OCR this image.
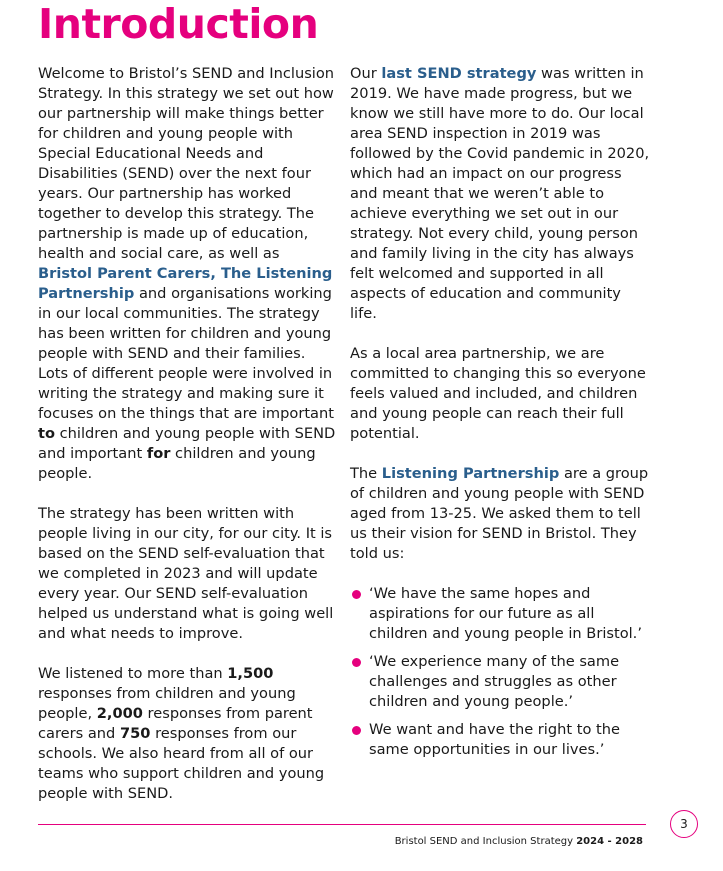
Introduction

Welcome to Bristol’s SEND and Inclusion Strategy. In this strategy we set out how our partnership will make things better for children and young people with Special Educational Needs and Disabilities (SEND) over the next four years. Our partnership has worked together to develop this strategy. The partnership is made up of education, health and social care, as well as Bristol Parent Carers, The Listening Partnership and organisations working in our local communities. The strategy has been written for children and young people with SEND and their families. Lots of different people were involved in writing the strategy and making sure it focuses on the things that are important to children and young people with SEND and important for children and young people.

The strategy has been written with people living in our city, for our city. It is based on the SEND self-evaluation that we completed in 2023 and will update every year. Our SEND self-evaluation helped us understand what is going well and what needs to improve.

We listened to more than 1,500 responses from children and young people, 2,000 responses from parent carers and 750 responses from our schools. We also heard from all of our teams who support children and young people with SEND.

Our last SEND strategy was written in 2019. We have made progress, but we know we still have more to do. Our local area SEND inspection in 2019 was followed by the Covid pandemic in 2020, which had an impact on our progress and meant that we weren’t able to achieve everything we set out in our strategy. Not every child, young person and family living in the city has always felt welcomed and supported in all aspects of education and community life.

As a local area partnership, we are committed to changing this so everyone feels valued and included, and children and young people can reach their full potential.

The Listening Partnership are a group of children and young people with SEND aged from 13-25. We asked them to tell us their vision for SEND in Bristol. They told us:

‘We have the same hopes and aspirations for our future as all children and young people in Bristol.’
‘We experience many of the same challenges and struggles as other children and young people.’
We want and have the right to the same opportunities in our lives.’
3
Bristol SEND and Inclusion Strategy 2024 - 2028
